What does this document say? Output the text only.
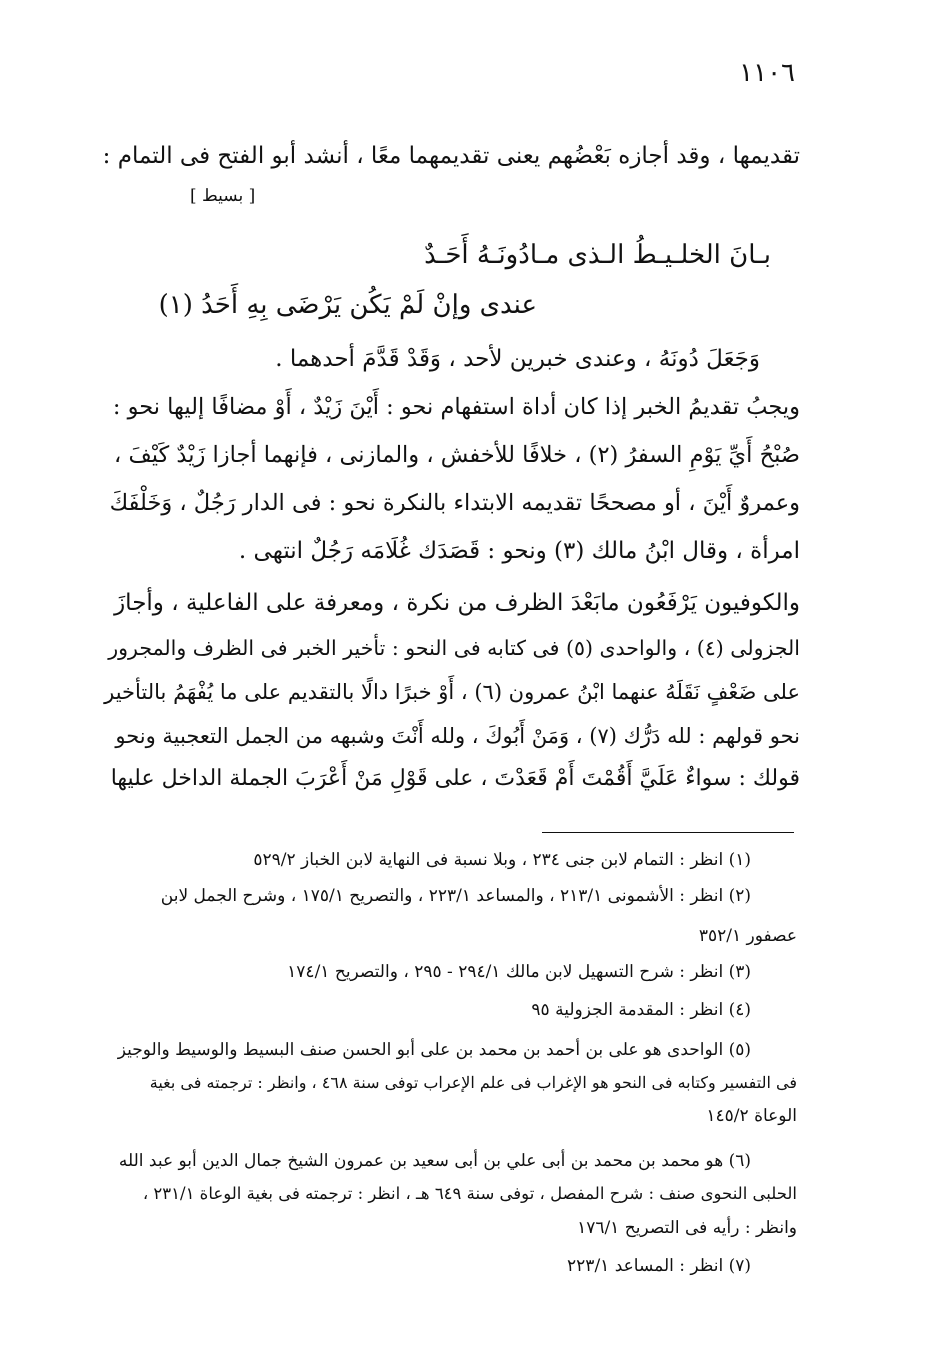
١١٠٦
تقديمها ، وقد أجازه بَعْضُهم يعنى تقديمهما معًا ، أنشد أبو الفتح فى التمام :
[ بسيط ]
بـانَ الخلـيـطُ الـذى مـادُونَـهُ أَحَـدٌ
عندى وإنْ لَمْ يَكُن يَرْضَى بِهِ أَحَدُ (١)
وَجَعَلَ دُونَهُ ، وعندى خبرين لأحد ، وَقَدْ قَدَّمَ أحدهما .
ويجبُ تقديمُ الخبر إذا كان أداة استفهام نحو : أَيْنَ زَيْدٌ ، أَوْ مضافًا إليها نحو :
صُبْحُ أَيِّ يَوْمِ السفرُ (٢) ، خلافًا للأخفش ، والمازنى ، فإنهما أجازا زَيْدٌ كَيْفَ ،
وعمروٌ أَيْنَ ، أو مصححًا تقديمه الابتداء بالنكرة نحو : فى الدار رَجُلٌ ، وَخَلْفَكَ
امرأة ، وقال ابْنُ مالك (٣) ونحو : قَصَدَك غُلَامَه رَجُلٌ انتهى .
والكوفيون يَرْفَعُون مابَعْدَ الظرف من نكرة ، ومعرفة على الفاعلية ، وأجازَ
الجزولى (٤) ، والواحدى (٥) فى كتابه فى النحو : تأخير الخبر فى الظرف والمجرور
على ضَعْفٍ نَقَلَهُ عنهما ابْنُ عمرون (٦) ، أَوْ خبرًا دالًا بالتقديم على ما يُفْهَمُ بالتأخير
نحو قولهم : لله دَرُّك (٧) ، وَمَنْ أَبُوكَ ، ولله أَنْتَ وشبهه من الجمل التعجبية ونحو
قولك : سواءٌ عَلَيَّ أَقُمْتَ أَمْ قَعَدْتَ ، على قَوْلِ مَنْ أَعْرَبَ الجملة الداخل عليها
(١) انظر : التمام لابن جنى ٢٣٤ ، وبلا نسبة فى النهاية لابن الخباز ٥٢٩/٢
(٢) انظر : الأشمونى ٢١٣/١ ، والمساعد ٢٢٣/١ ، والتصريح ١٧٥/١ ، وشرح الجمل لابن
عصفور ٣٥٢/١
(٣) انظر : شرح التسهيل لابن مالك ٢٩٤/١ - ٢٩٥ ، والتصريح ١٧٤/١
(٤) انظر : المقدمة الجزولية ٩٥
(٥) الواحدى هو على بن أحمد بن محمد بن على أبو الحسن صنف البسيط والوسيط والوجيز
فى التفسير وكتابه فى النحو هو الإغراب فى علم الإعراب توفى سنة ٤٦٨ ، وانظر : ترجمته فى بغية
الوعاة ١٤٥/٢
(٦) هو محمد بن محمد بن أبى علي بن أبى سعيد بن عمرون الشيخ جمال الدين أبو عبد الله
الحلبى النحوى صنف : شرح المفصل ، توفى سنة ٦٤٩ هـ ، انظر : ترجمته فى بغية الوعاة ٢٣١/١ ،
وانظر : رأيه فى التصريح ١٧٦/١
(٧) انظر : المساعد ٢٢٣/١
